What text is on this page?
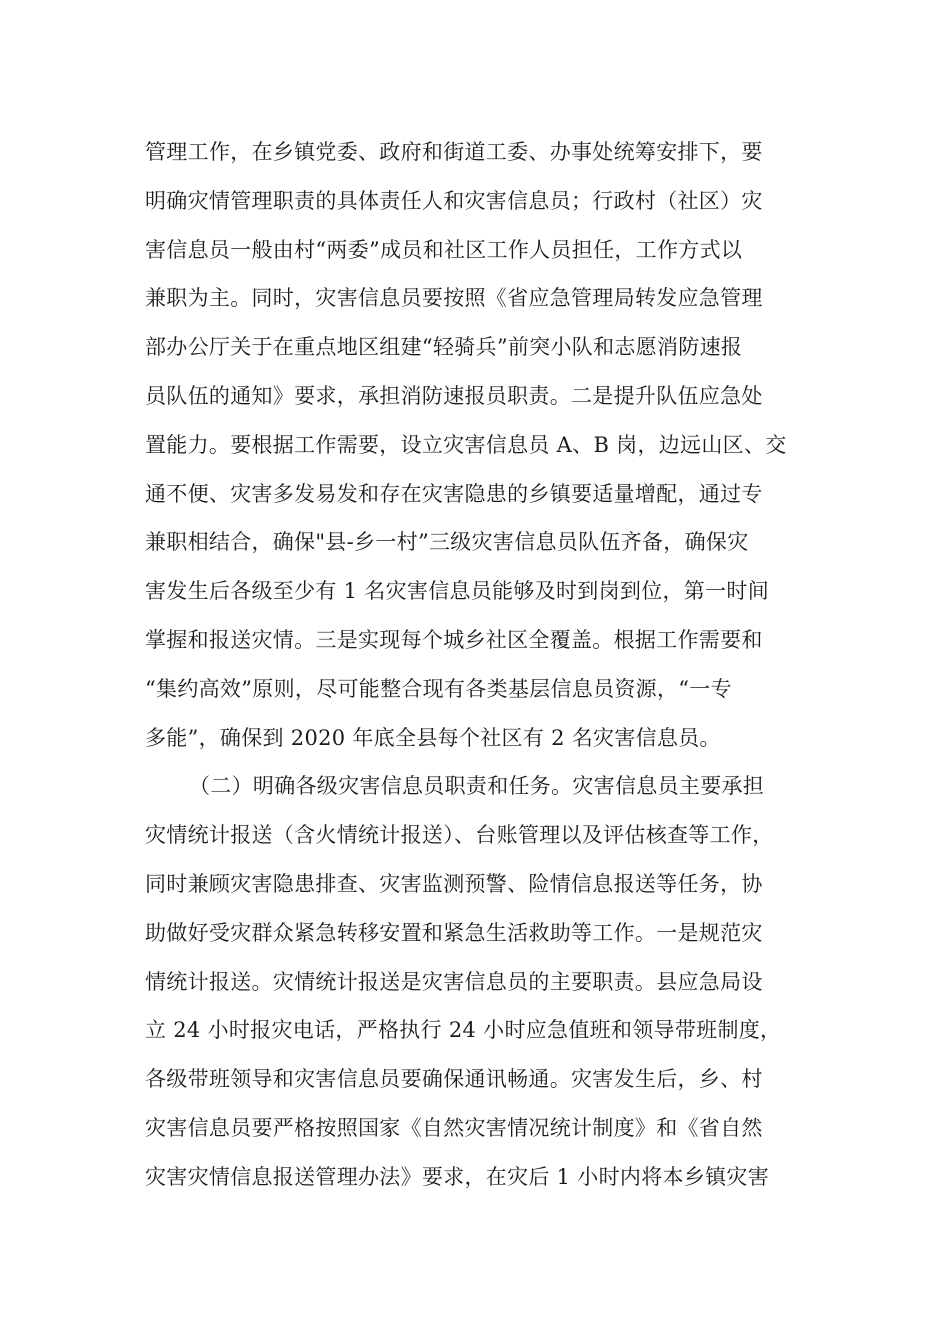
管理工作，在乡镇党委、政府和街道工委、办事处统筹安排下，要
明确灾情管理职责的具体责任人和灾害信息员；行政村（社区）灾
害信息员一般由村“两委”成员和社区工作人员担任，工作方式以
兼职为主。同时，灾害信息员要按照《省应急管理局转发应急管理
部办公厅关于在重点地区组建“轻骑兵”前突小队和志愿消防速报
员队伍的通知》要求，承担消防速报员职责。二是提升队伍应急处
置能力。要根据工作需要，设立灾害信息员 A、B 岗，边远山区、交
通不便、灾害多发易发和存在灾害隐患的乡镇要适量增配，通过专
兼职相结合，确保"县-乡一村”三级灾害信息员队伍齐备，确保灾
害发生后各级至少有 1 名灾害信息员能够及时到岗到位，第一时间
掌握和报送灾情。三是实现每个城乡社区全覆盖。根据工作需要和
“集约高效”原则，尽可能整合现有各类基层信息员资源，“一专
多能”，确保到 2020 年底全县每个社区有 2 名灾害信息员。
（二）明确各级灾害信息员职责和任务。灾害信息员主要承担
灾情统计报送（含火情统计报送）、台账管理以及评估核查等工作，
同时兼顾灾害隐患排查、灾害监测预警、险情信息报送等任务，协
助做好受灾群众紧急转移安置和紧急生活救助等工作。一是规范灾
情统计报送。灾情统计报送是灾害信息员的主要职责。县应急局设
立 24 小时报灾电话，严格执行 24 小时应急值班和领导带班制度，
各级带班领导和灾害信息员要确保通讯畅通。灾害发生后，乡、村
灾害信息员要严格按照国家《自然灾害情况统计制度》和《省自然
灾害灾情信息报送管理办法》要求，在灾后 1 小时内将本乡镇灾害
